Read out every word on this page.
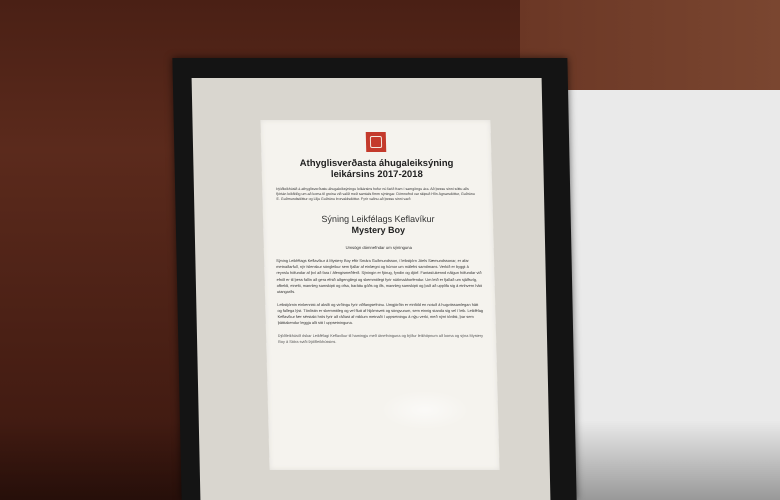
Athyglisverðasta áhugaleiksýning
leikársins 2017-2018

Þjóðleikhúsið á athyglisverðustu áhugaleiksýningu leikársins hefur nú farið fram í samgöngu ára. Að þessu sinni sóttu alls fjórtán leikfélög um að koma til greina við valið með samtals fimm sýningar. Dómnefnd var skipuð Hlín Agnarsdóttur, Guðrúnu E. Guðmundsdóttur og Lilju Guðrúnu Þorvaldsdóttur. Fyrir valinu að þessu sinni varð

Sýning Leikfélags Keflavíkur
Mystery Boy
Umsögn dómnefndar um sýninguna

Sýning Leikfélags Keflavíkur á Mystery Boy eftir Smára Guðmundsson, í leikstjórn Jóels Sæmundssonar, er afar metnaðarfull, nýr íslenskur söngleikur sem fjallar af einlægni og húmor um málefni samtímans. Verkið er byggt á reynslu höfundar af því að fara í áfengismeðferð. Sýningin er fjörug, fyndin og djörf. Fantasíukennd nálgun höfundar við efnið er til þess fallin að gera efnið aðgengilegt og skemmtilegt fyrir nútímaáhorfendur. Um leið er fjallað um sjálfsvíg, ofbeldi, einelti, mannleg samskipti og ofsa, baráttu góðs og ills, mannleg samskipti og það að upplifa sig á einhvern hátt utangarðs.

Leikstjórnin einkennist af aksði og virðingu fyrir viðfangsefninu. Umgjörðin er einföld en notuð á hugvitssamlegan hátt og fallega lýst. Tónlistin er skemmtileg og vel flutt af hljómsveit og söngvurum, sem einnig standa sig vel í leik. Leikfélag Keflavíkur fær sérstakt hrós fyrir að ráðast af miklum metnaði í uppsetningu á nýju verki, með nýrri tónlist, þar sem þátttakendur leggja allt sitt í uppsetninguna.

Þjóðleikhúsið óskar Leikfélagi Keflavíkur til hamingju með útnefninguna og býður leikhópnum að koma og sýna Mystery Boy á Stóra sviði Þjóðleikhússins.
